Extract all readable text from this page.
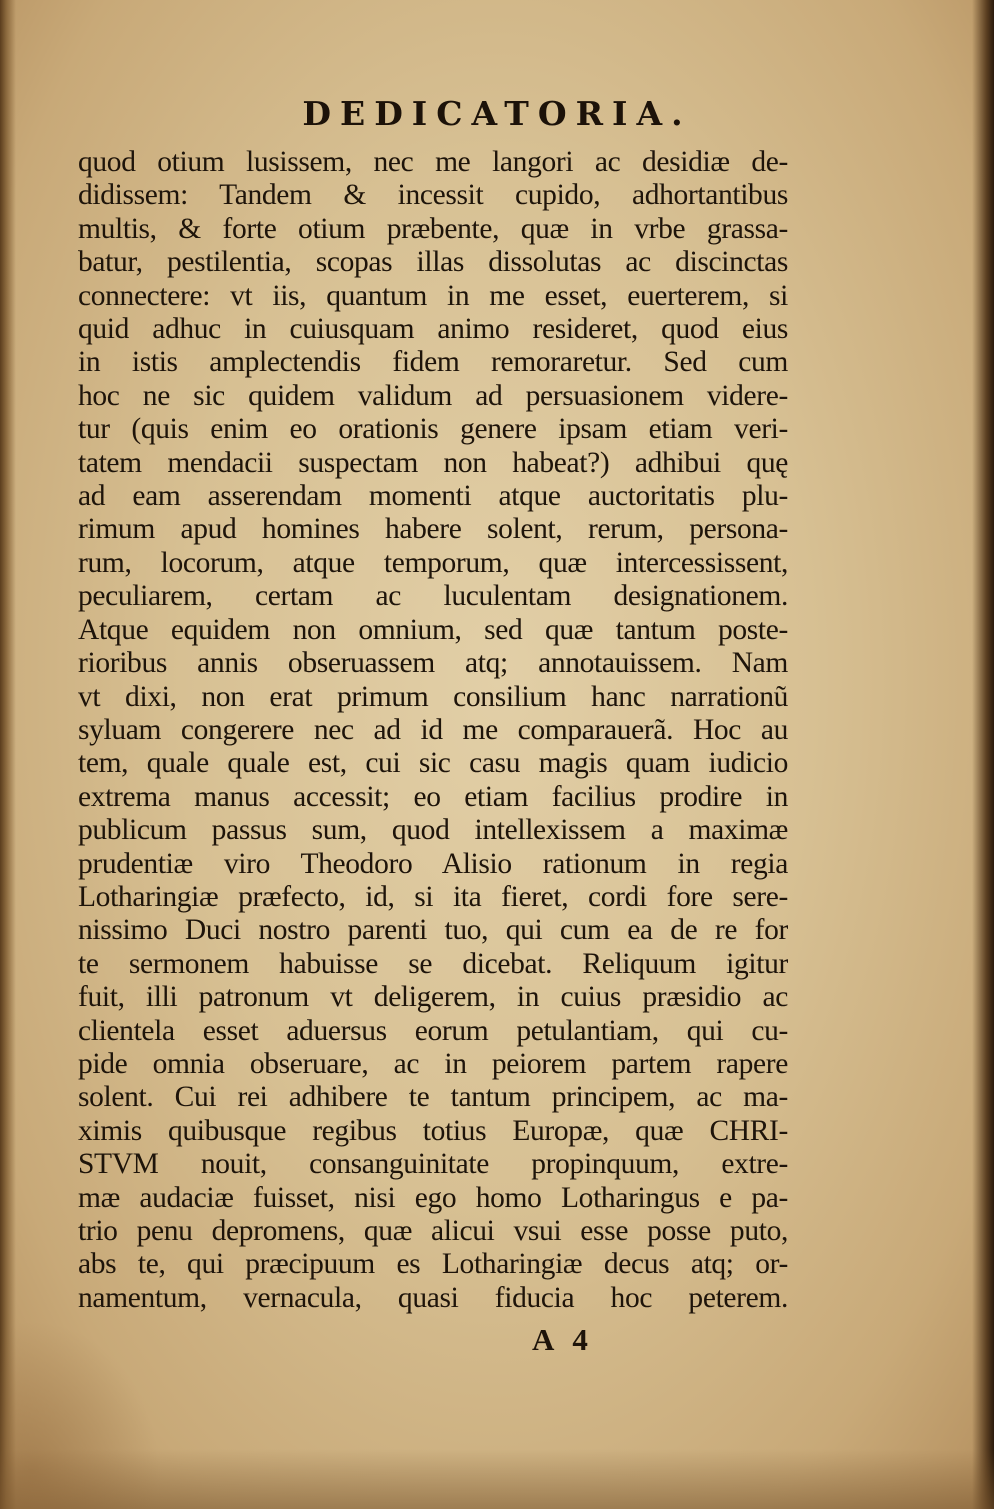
DEDICATORIA.
quod otium lusissem, nec me langori ac desidiæ de-
didissem: Tandem & incessit cupido, adhortantibus
multis, & forte otium præbente, quæ in vrbe grassa-
batur, pestilentia, scopas illas dissolutas ac discinctas
connectere: vt iis, quantum in me esset, euerterem, si
quid adhuc in cuiusquam animo resideret, quod eius
in istis amplectendis fidem remoraretur. Sed cum
hoc ne sic quidem validum ad persuasionem videre-
tur (quis enim eo orationis genere ipsam etiam veri-
tatem mendacii suspectam non habeat?) adhibui quę
ad eam asserendam momenti atque auctoritatis plu-
rimum apud homines habere solent, rerum, persona-
rum, locorum, atque temporum, quæ intercessissent,
peculiarem, certam ac luculentam designationem.
Atque equidem non omnium, sed quæ tantum poste-
rioribus annis obseruassem atq; annotauissem. Nam
vt dixi, non erat primum consilium hanc narrationũ
syluam congerere nec ad id me comparauerã. Hoc au
tem, quale quale est, cui sic casu magis quam iudicio
extrema manus accessit; eo etiam facilius prodire in
publicum passus sum, quod intellexissem a maximæ
prudentiæ viro Theodoro Alisio rationum in regia
Lotharingiæ præfecto, id, si ita fieret, cordi fore sere-
nissimo Duci nostro parenti tuo, qui cum ea de re for
te sermonem habuisse se dicebat. Reliquum igitur
fuit, illi patronum vt deligerem, in cuius præsidio ac
clientela esset aduersus eorum petulantiam, qui cu-
pide omnia obseruare, ac in peiorem partem rapere
solent. Cui rei adhibere te tantum principem, ac ma-
ximis quibusque regibus totius Europæ, quæ CHRI-
STVM nouit, consanguinitate propinquum, extre-
mæ audaciæ fuisset, nisi ego homo Lotharingus e pa-
trio penu depromens, quæ alicui vsui esse posse puto,
abs te, qui præcipuum es Lotharingiæ decus atq; or-
namentum, vernacula, quasi fiducia hoc peterem.
A 4
